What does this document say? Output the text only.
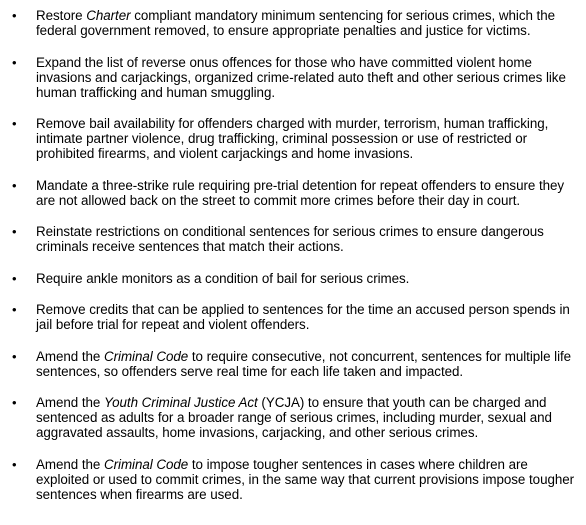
• Restore Charter compliant mandatory minimum sentencing for serious crimes, which the federal government removed, to ensure appropriate penalties and justice for victims.
• Expand the list of reverse onus offences for those who have committed violent home invasions and carjackings, organized crime-related auto theft and other serious crimes like human trafficking and human smuggling.
• Remove bail availability for offenders charged with murder, terrorism, human trafficking, intimate partner violence, drug trafficking, criminal possession or use of restricted or prohibited firearms, and violent carjackings and home invasions.
• Mandate a three-strike rule requiring pre-trial detention for repeat offenders to ensure they are not allowed back on the street to commit more crimes before their day in court.
• Reinstate restrictions on conditional sentences for serious crimes to ensure dangerous criminals receive sentences that match their actions.
• Require ankle monitors as a condition of bail for serious crimes.
• Remove credits that can be applied to sentences for the time an accused person spends in jail before trial for repeat and violent offenders.
• Amend the Criminal Code to require consecutive, not concurrent, sentences for multiple life sentences, so offenders serve real time for each life taken and impacted.
• Amend the Youth Criminal Justice Act (YCJA) to ensure that youth can be charged and sentenced as adults for a broader range of serious crimes, including murder, sexual and aggravated assaults, home invasions, carjacking, and other serious crimes.
• Amend the Criminal Code to impose tougher sentences in cases where children are exploited or used to commit crimes, in the same way that current provisions impose tougher sentences when firearms are used.
